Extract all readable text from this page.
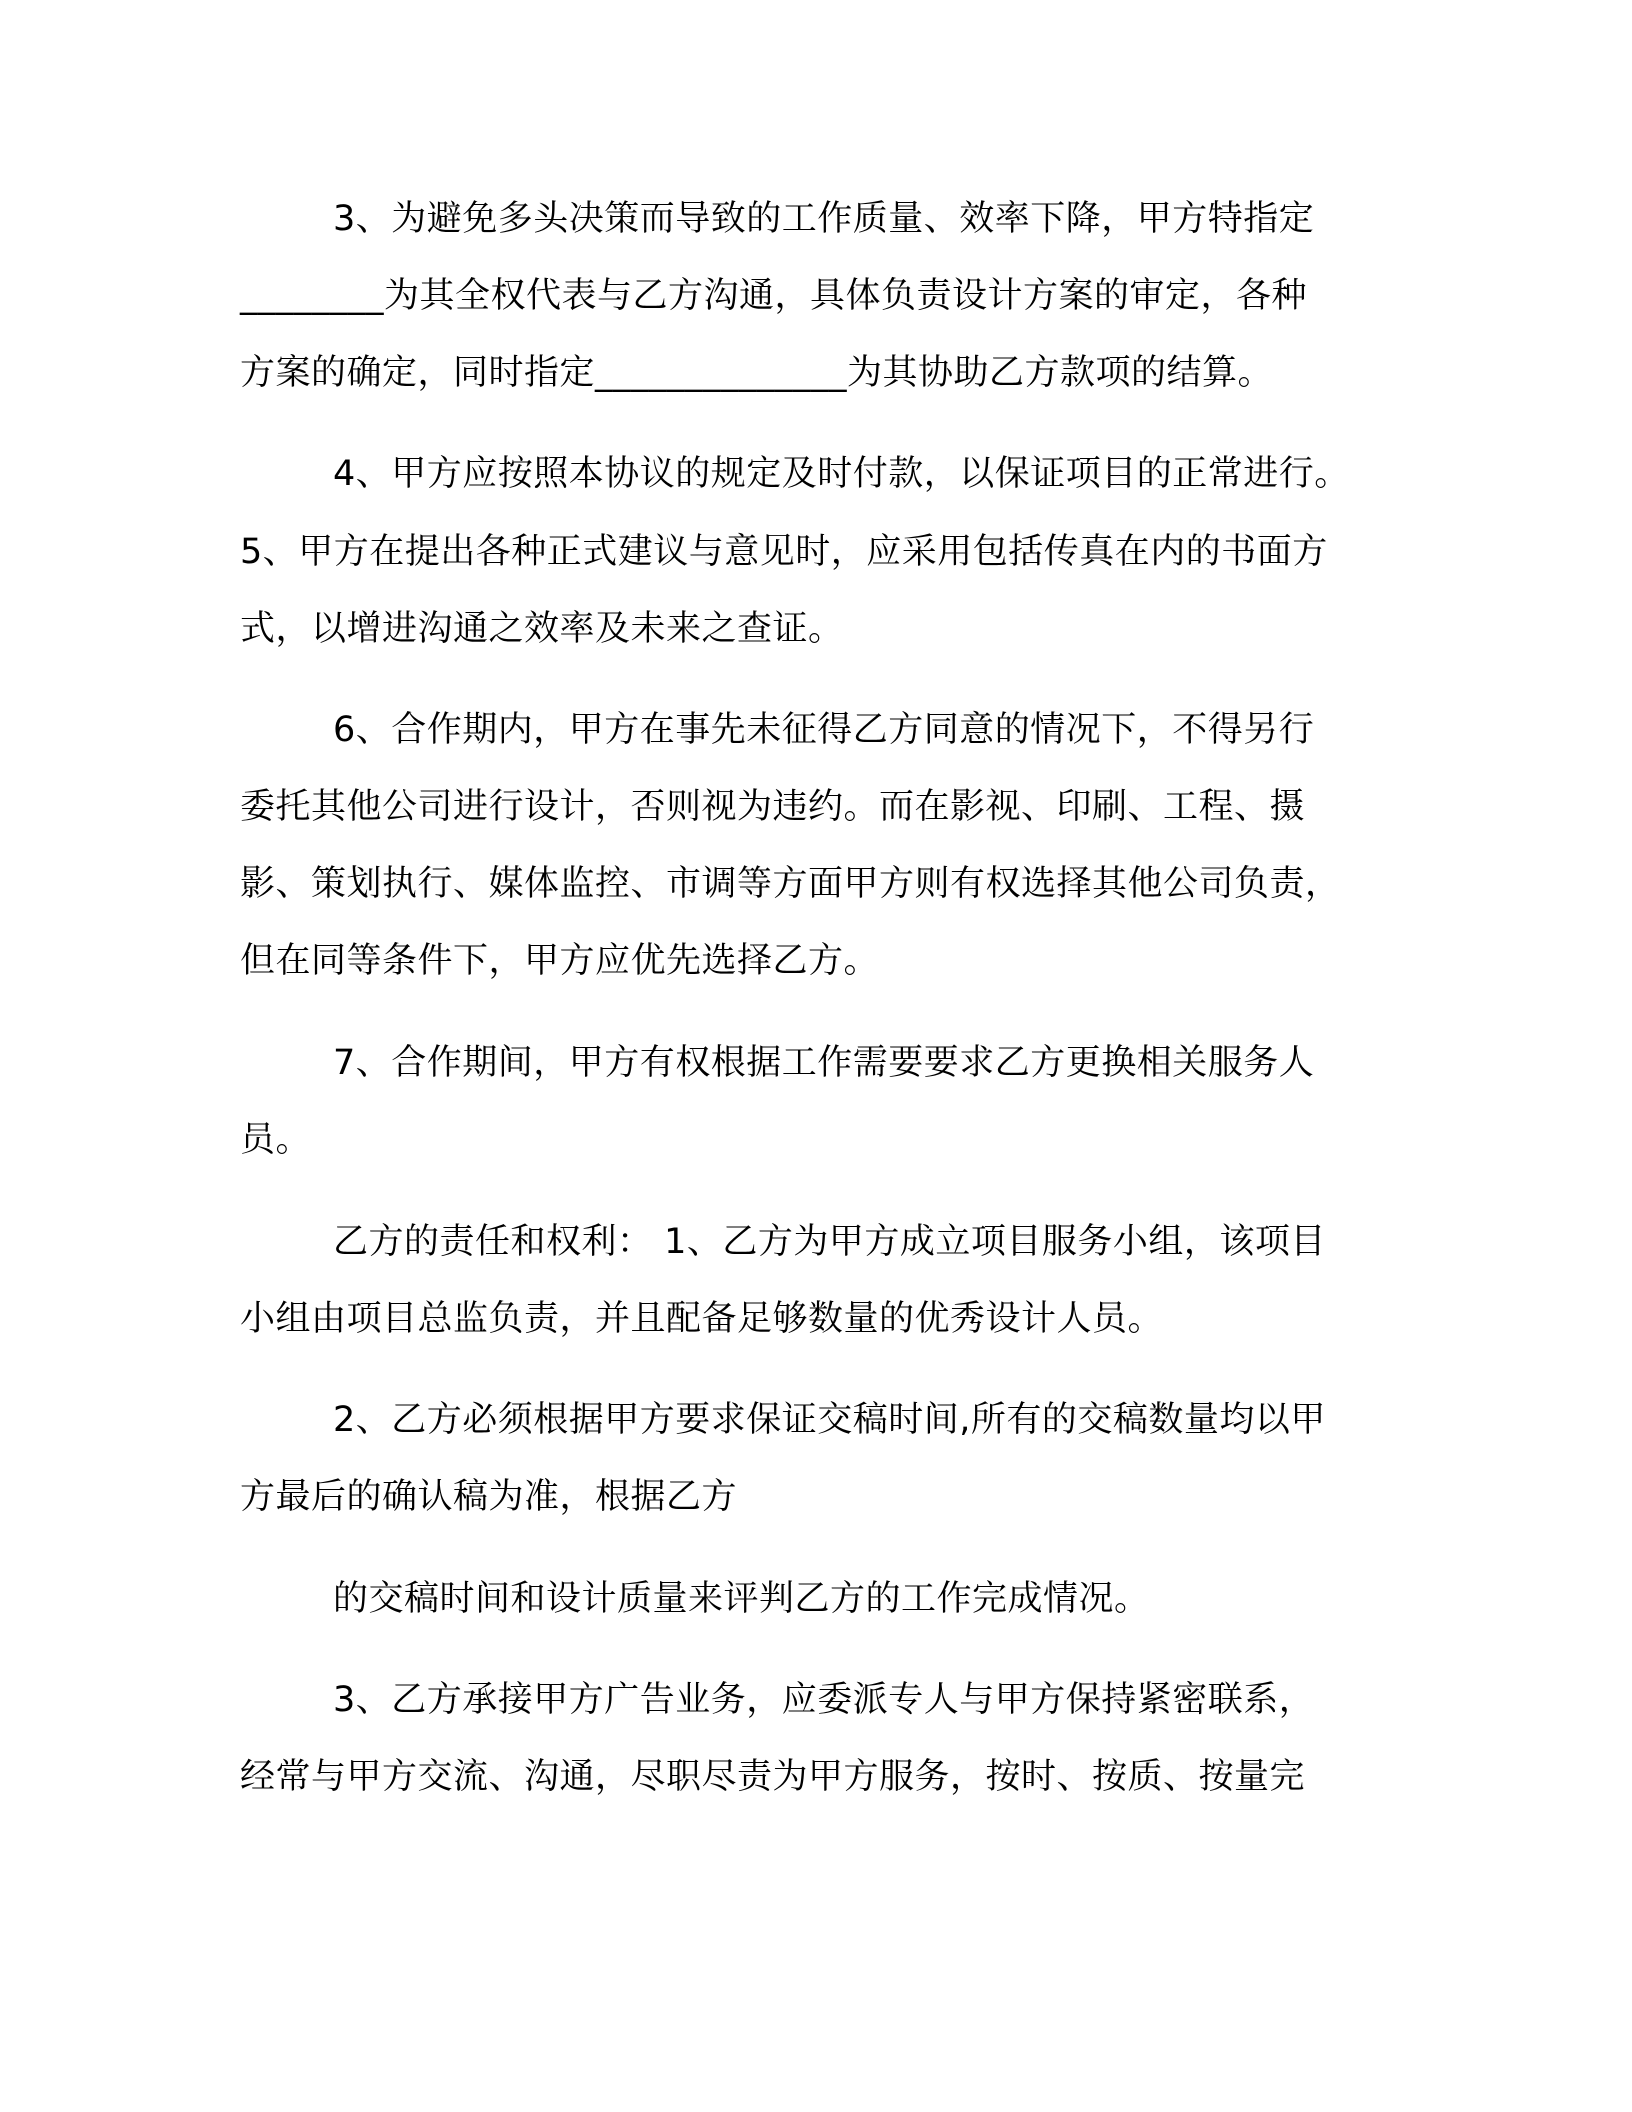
3、为避免多头决策而导致的工作质量、效率下降，甲方特指定

________为其全权代表与乙方沟通，具体负责设计方案的审定，各种

方案的确定，同时指定______________为其协助乙方款项的结算。

4、甲方应按照本协议的规定及时付款，以保证项目的正常进行。

5、甲方在提出各种正式建议与意见时，应采用包括传真在内的书面方

式，以增进沟通之效率及未来之查证。

6、合作期内，甲方在事先未征得乙方同意的情况下，不得另行

委托其他公司进行设计，否则视为违约。而在影视、印刷、工程、摄

影、策划执行、媒体监控、市调等方面甲方则有权选择其他公司负责，

但在同等条件下，甲方应优先选择乙方。

7、合作期间，甲方有权根据工作需要要求乙方更换相关服务人

员。

乙方的责任和权利： 1、乙方为甲方成立项目服务小组，该项目

小组由项目总监负责，并且配备足够数量的优秀设计人员。

2、乙方必须根据甲方要求保证交稿时间,所有的交稿数量均以甲

方最后的确认稿为准，根据乙方

的交稿时间和设计质量来评判乙方的工作完成情况。

3、乙方承接甲方广告业务，应委派专人与甲方保持紧密联系，

经常与甲方交流、沟通，尽职尽责为甲方服务，按时、按质、按量完
